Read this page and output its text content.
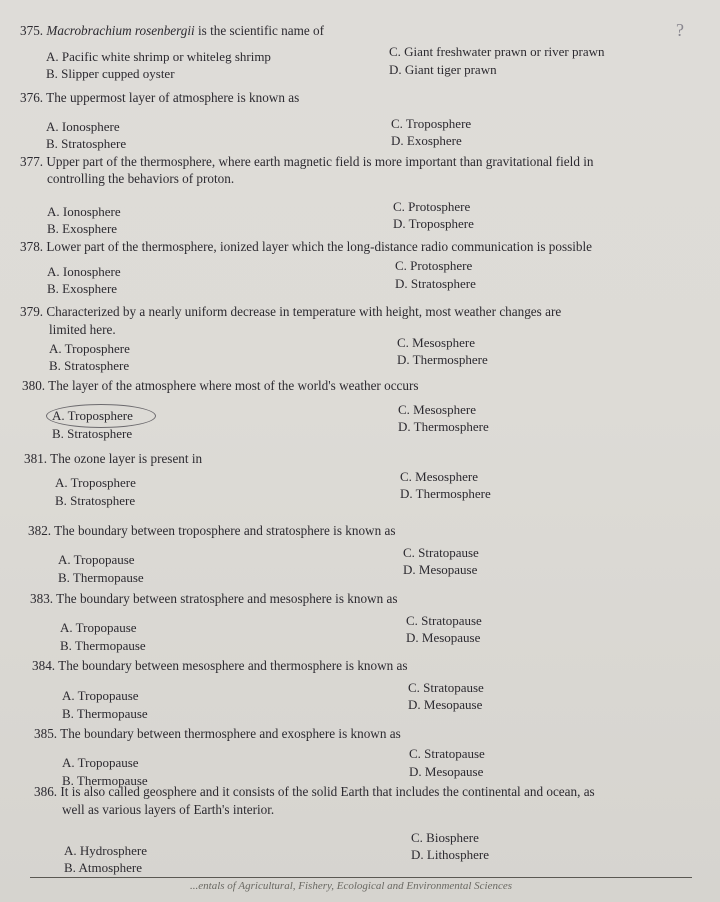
?
375. Macrobrachium rosenbergii is the scientific name of
A. Pacific white shrimp or whiteleg shrimp
B. Slipper cupped oyster
C. Giant freshwater prawn or river prawn
D. Giant tiger prawn
376. The uppermost layer of atmosphere is known as
A. Ionosphere
B. Stratosphere
C. Troposphere
D. Exosphere
377. Upper part of the thermosphere, where earth magnetic field is more important than gravitational field in
controlling the behaviors of proton.
A. Ionosphere
B. Exosphere
C. Protosphere
D. Troposphere
378. Lower part of the thermosphere, ionized layer which the long-distance radio communication is possible
A. Ionosphere
B. Exosphere
C. Protosphere
D. Stratosphere
379. Characterized by a nearly uniform decrease in temperature with height, most weather changes are
limited here.
A. Troposphere
B. Stratosphere
C. Mesosphere
D. Thermosphere
380. The layer of the atmosphere where most of the world's weather occurs
A. Troposphere
B. Stratosphere
C. Mesosphere
D. Thermosphere
381. The ozone layer is present in
A. Troposphere
B. Stratosphere
C. Mesosphere
D. Thermosphere
382. The boundary between troposphere and stratosphere is known as
A. Tropopause
B. Thermopause
C. Stratopause
D. Mesopause
383. The boundary between stratosphere and mesosphere is known as
A. Tropopause
B. Thermopause
C. Stratopause
D. Mesopause
384. The boundary between mesosphere and thermosphere is known as
A. Tropopause
B. Thermopause
C. Stratopause
D. Mesopause
385. The boundary between thermosphere and exosphere is known as
A. Tropopause
B. Thermopause
C. Stratopause
D. Mesopause
386. It is also called geosphere and it consists of the solid Earth that includes the continental and ocean, as
well as various layers of Earth's interior.
A. Hydrosphere
B. Atmosphere
C. Biosphere
D. Lithosphere
...entals of Agricultural, Fishery, Ecological and Environmental Sciences
